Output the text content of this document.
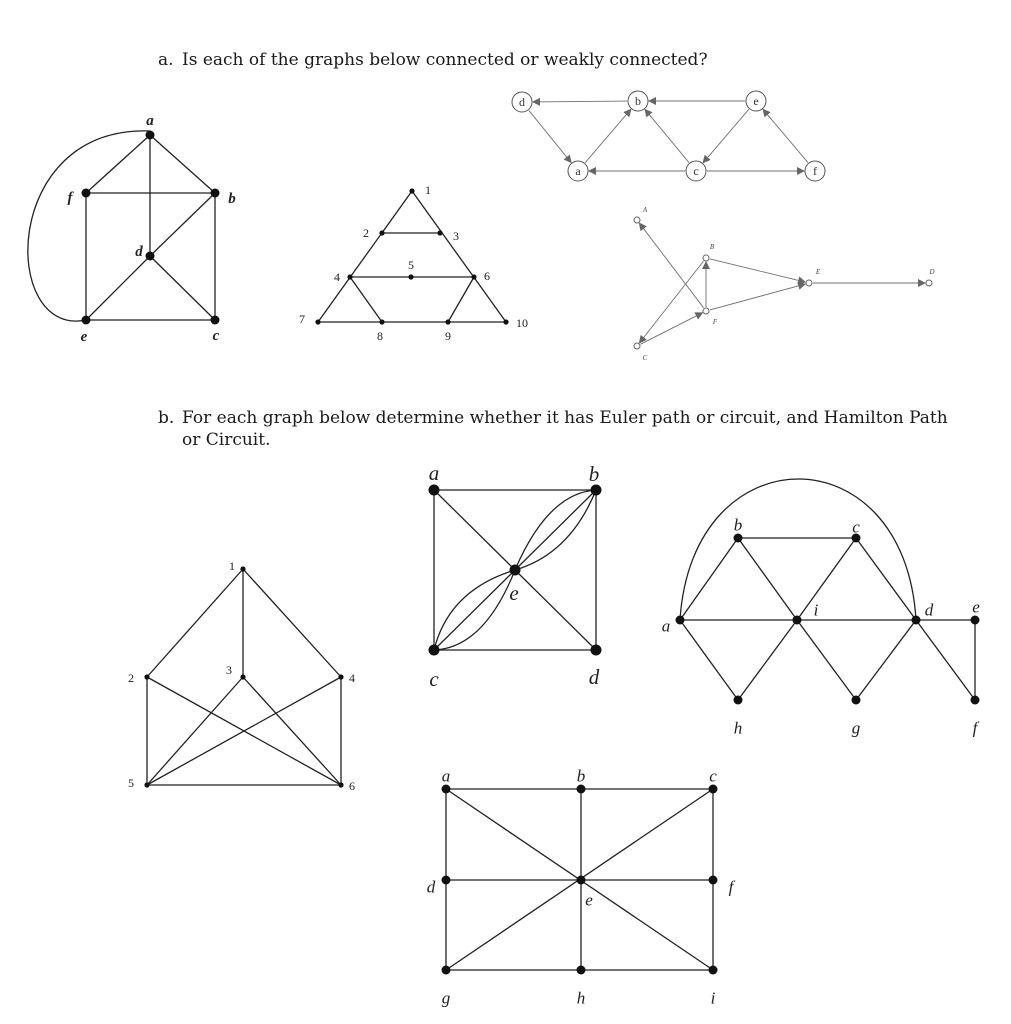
a. Is each of the graphs below connected or weakly connected?
b. For each graph below determine whether it has Euler path or circuit, and Hamilton Path
or Circuit.
a
b
c
d
e
f	1
2	3
4
5
6
7
8	9
10
d	b	e
a	c	f
A
B
E	D
F
C
1
2
3
4
5	6
a	b
c	d
e
a
b	c
i	d e
h	g	f
a	b	c
d
e
f
g	h	i
